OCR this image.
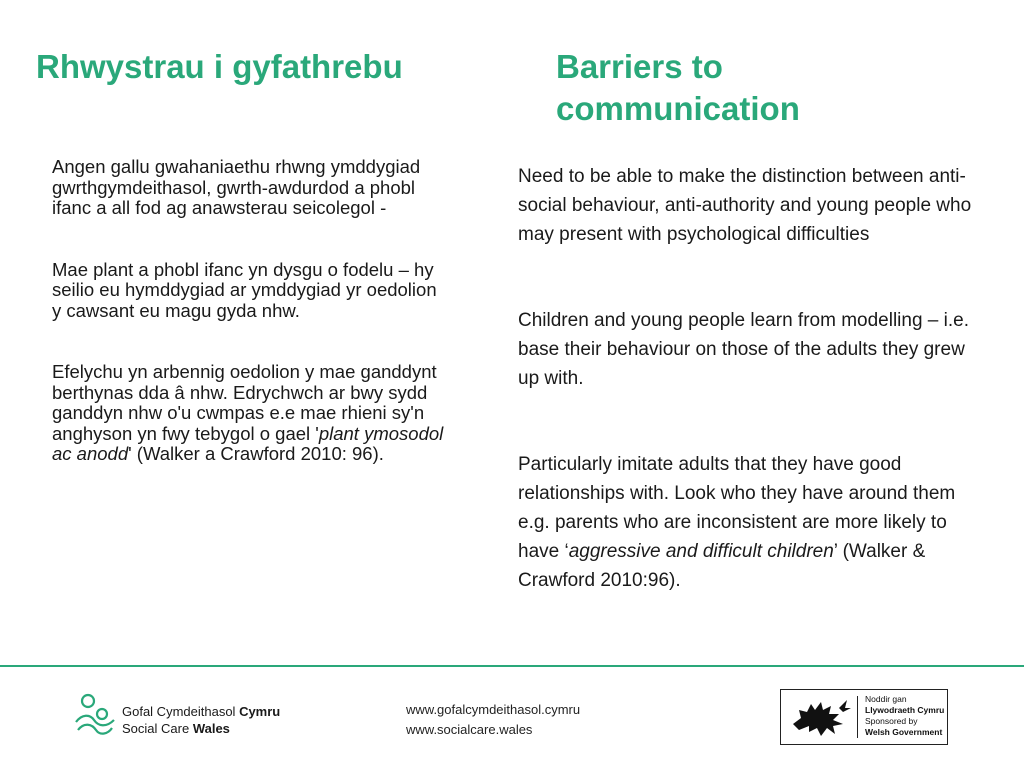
Rhwystrau i gyfathrebu	Barriers to communication

Angen gallu gwahaniaethu rhwng ymddygiad gwrthgymdeithasol, gwrth-awdurdod a phobl ifanc a all fod ag anawsterau seicolegol -

Mae plant a phobl ifanc yn dysgu o fodelu – hy seilio eu hymddygiad ar ymddygiad yr oedolion y cawsant eu magu gyda nhw.

Efelychu yn arbennig oedolion y mae ganddynt berthynas dda â nhw. Edrychwch ar bwy sydd ganddyn nhw o'u cwmpas e.e mae rhieni sy'n anghyson yn fwy tebygol o gael 'plant ymosodol ac anodd' (Walker a Crawford 2010: 96).

Need to be able to make the distinction between anti-social behaviour, anti-authority and young people who may present with psychological difficulties

Children and young people learn from modelling – i.e. base their behaviour on those of the adults they grew up with.

Particularly imitate adults that they have good relationships with. Look who they have around them e.g. parents who are inconsistent are more likely to have ‘aggressive and difficult children’ (Walker & Crawford 2010:96).

Gofal Cymdeithasol Cymru
Social Care Wales
www.gofalcymdeithasol.cymru
www.socialcare.wales
Noddir gan
Llywodraeth Cymru
Sponsored by
Welsh Government
